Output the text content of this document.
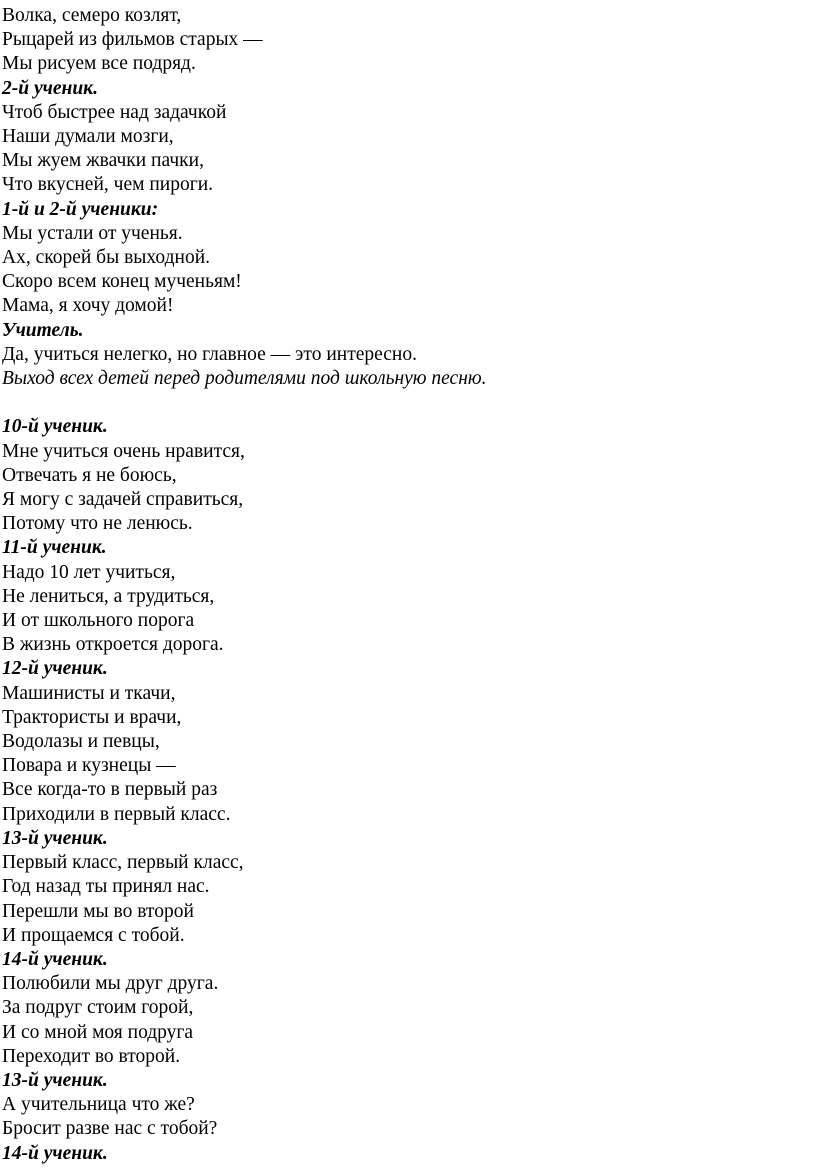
Волка, семеро козлят,
Рыцарей из фильмов старых —
Мы рисуем все подряд.
2-й ученик.
Чтоб быстрее над задачкой
Наши думали мозги,
Мы жуем жвачки пачки,
Что вкусней, чем пироги.
1-й и 2-й ученики:
Мы устали от ученья.
Ах, скорей бы выходной.
Скоро всем конец мученьям!
Мама, я хочу домой!
Учитель.
Да, учиться нелегко, но главное — это интересно.
Выход всех детей перед родителями под школьную песню.
10-й ученик.
Мне учиться очень нравится,
Отвечать я не боюсь,
Я могу с задачей справиться,
Потому что не ленюсь.
11-й ученик.
Надо 10 лет учиться,
Не лениться, а трудиться,
И от школьного порога
В жизнь откроется дорога.
12-й ученик.
Машинисты и ткачи,
Трактористы и врачи,
Водолазы и певцы,
Повара и кузнецы —
Все когда-то в первый раз
Приходили в первый класс.
13-й ученик.
Первый класс, первый класс,
Год назад ты принял нас.
Перешли мы во второй
И прощаемся с тобой.
14-й ученик.
Полюбили мы друг друга.
За подруг стоим горой,
И со мной моя подруга
Переходит во второй.
13-й ученик.
А учительница что же?
Бросит разве нас с тобой?
14-й ученик.
